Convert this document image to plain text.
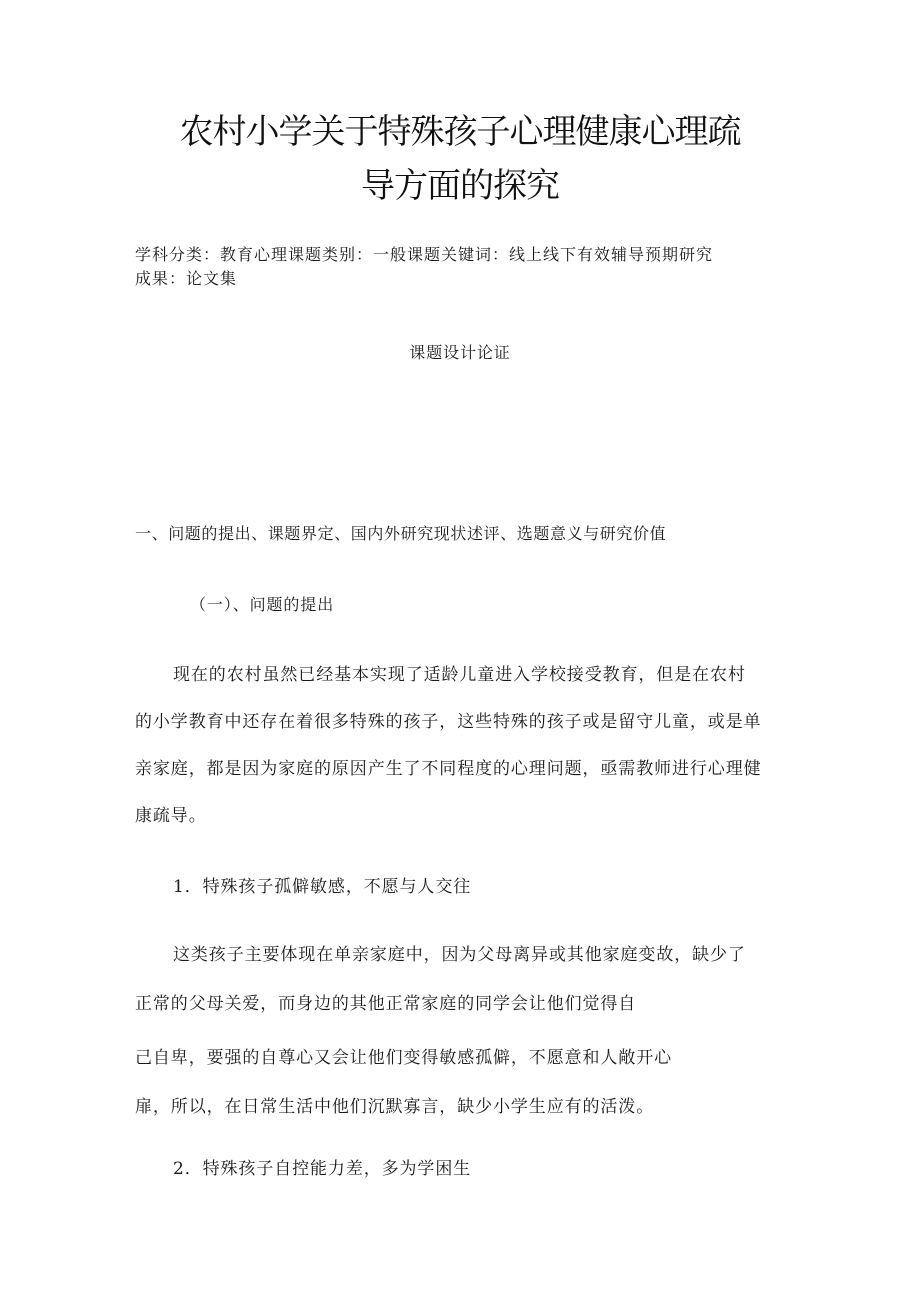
农村小学关于特殊孩子心理健康心理疏
导方面的探究
学科分类：教育心理课题类别：一般课题关键词：线上线下有效辅导预期研究
成果：论文集
课题设计论证
一、问题的提出、课题界定、国内外研究现状述评、选题意义与研究价值
（一）、问题的提出
现在的农村虽然已经基本实现了适龄儿童进入学校接受教育，但是在农村
的小学教育中还存在着很多特殊的孩子，这些特殊的孩子或是留守儿童，或是单
亲家庭，都是因为家庭的原因产生了不同程度的心理问题，亟需教师进行心理健
康疏导。
1．特殊孩子孤僻敏感，不愿与人交往
这类孩子主要体现在单亲家庭中，因为父母离异或其他家庭变故，缺少了
正常的父母关爱，而身边的其他正常家庭的同学会让他们觉得自
己自卑，要强的自尊心又会让他们变得敏感孤僻，不愿意和人敞开心
扉，所以，在日常生活中他们沉默寡言，缺少小学生应有的活泼。
2．特殊孩子自控能力差，多为学困生
